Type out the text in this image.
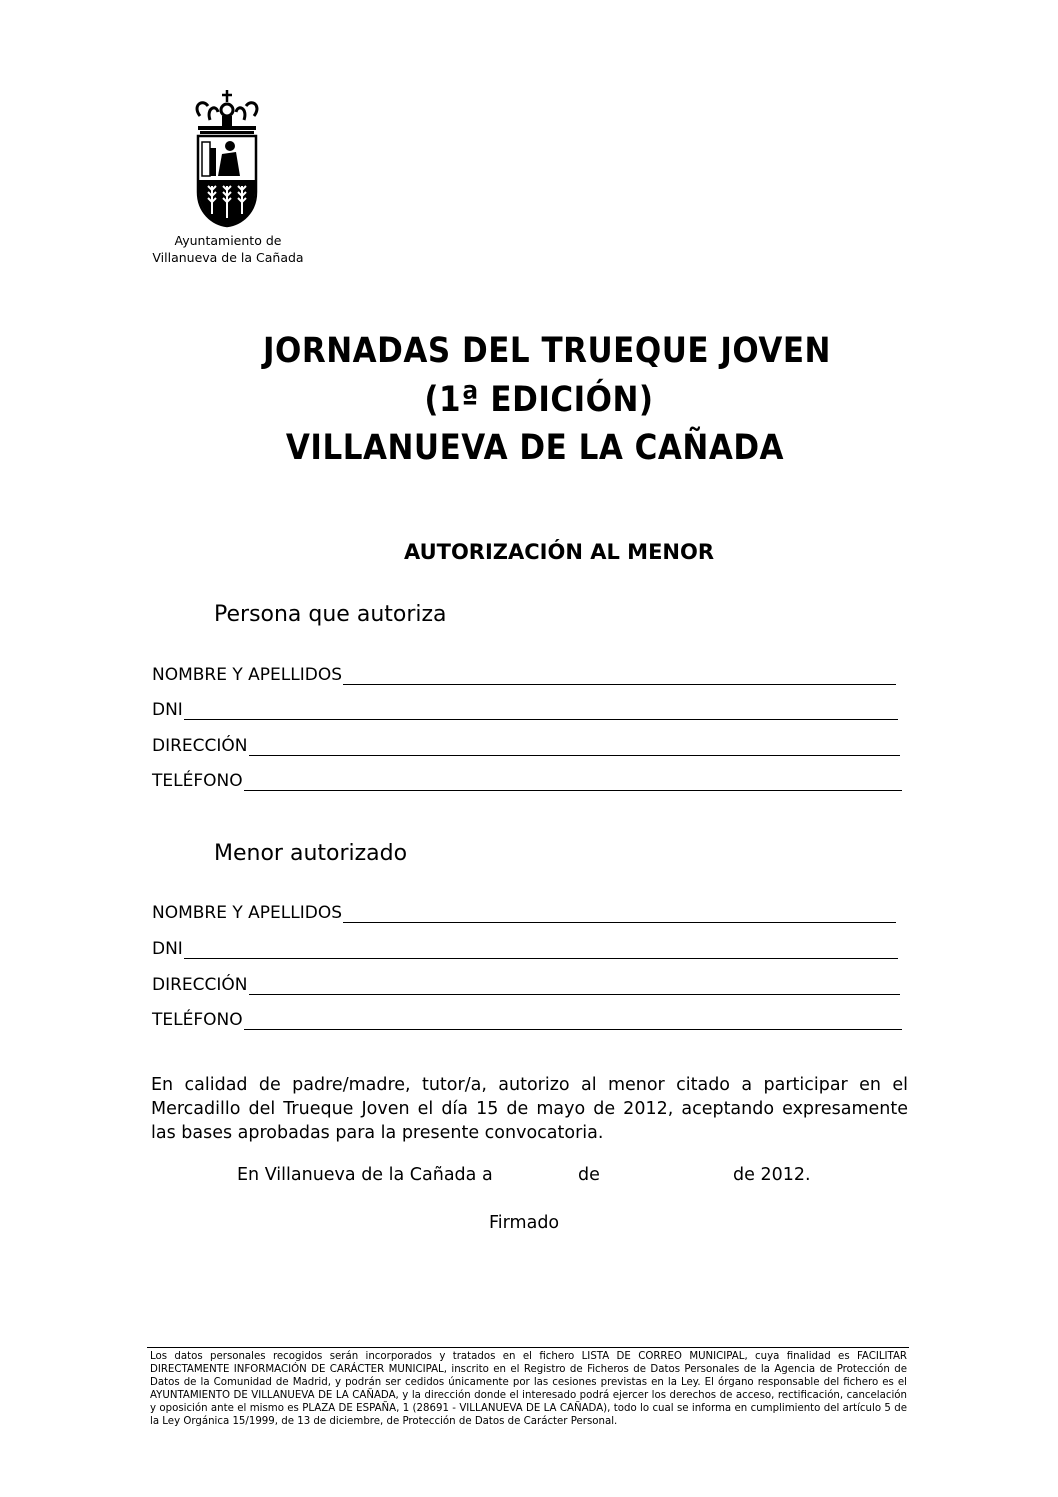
Ayuntamiento de
Villanueva de la Cañada
JORNADAS DEL TRUEQUE JOVEN
(1ª EDICIÓN)
VILLANUEVA DE LA CAÑADA
AUTORIZACIÓN AL MENOR
Persona que autoriza
NOMBRE Y APELLIDOS
DNI
DIRECCIÓN
TELÉFONO
Menor autorizado
NOMBRE Y APELLIDOS
DNI
DIRECCIÓN
TELÉFONO
En calidad de padre/madre, tutor/a, autorizo al menor citado a participar en el Mercadillo del Trueque Joven el día 15 de mayo de 2012, aceptando expresamente las bases aprobadas para la presente convocatoria.
En Villanueva de la Cañada a	de	de 2012.
Firmado
Los datos personales recogidos serán incorporados y tratados en el fichero LISTA DE CORREO MUNICIPAL, cuya finalidad es FACILITAR DIRECTAMENTE INFORMACIÓN DE CARÁCTER MUNICIPAL, inscrito en el Registro de Ficheros de Datos Personales de la Agencia de Protección de Datos de la Comunidad de Madrid, y podrán ser cedidos únicamente por las cesiones previstas en la Ley. El órgano responsable del fichero es el AYUNTAMIENTO DE VILLANUEVA DE LA CAÑADA, y la dirección donde el interesado podrá ejercer los derechos de acceso, rectificación, cancelación y oposición ante el mismo es PLAZA DE ESPAÑA, 1 (28691 - VILLANUEVA DE LA CAÑADA), todo lo cual se informa en cumplimiento del artículo 5 de la Ley Orgánica 15/1999, de 13 de diciembre, de Protección de Datos de Carácter Personal.
